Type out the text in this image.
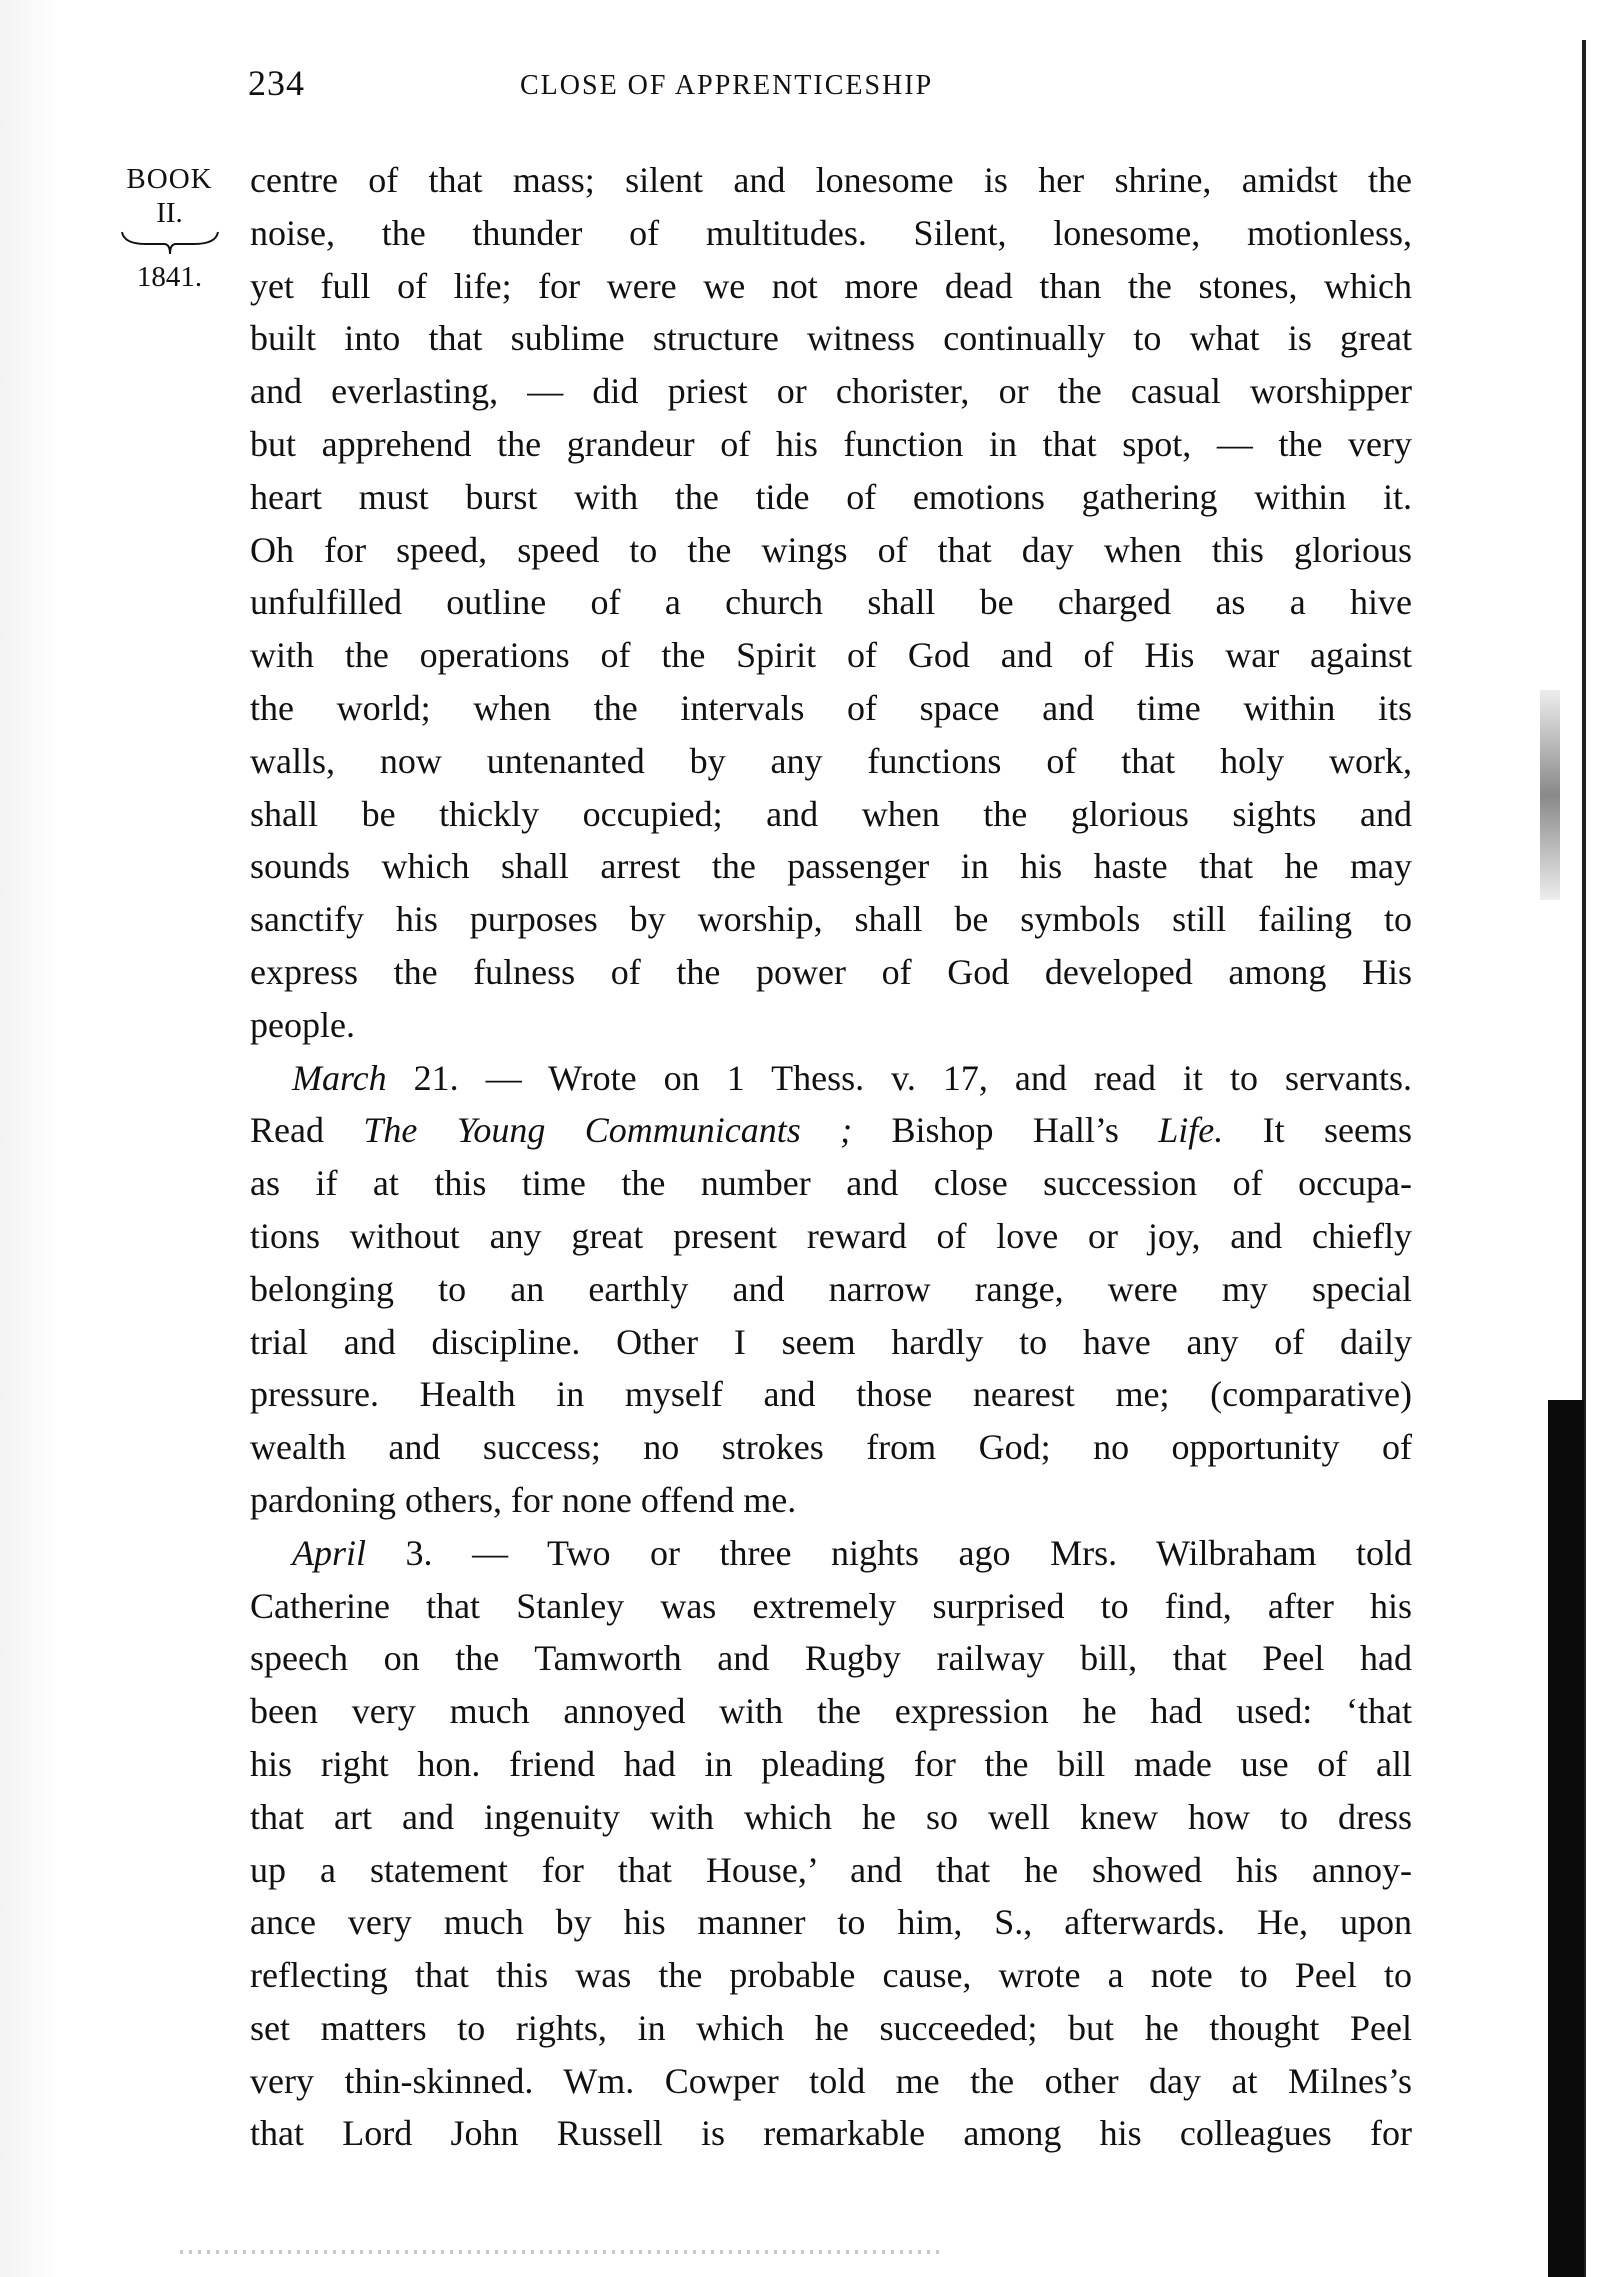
234	CLOSE OF APPRENTICESHIP
BOOK
II.
1841.
centre of that mass; silent and lonesome is her shrine, amidst the
noise, the thunder of multitudes. Silent, lonesome, motionless,
yet full of life; for were we not more dead than the stones, which
built into that sublime structure witness continually to what is great
and everlasting, — did priest or chorister, or the casual worshipper
but apprehend the grandeur of his function in that spot, — the very
heart must burst with the tide of emotions gathering within it.
Oh for speed, speed to the wings of that day when this glorious
unfulfilled outline of a church shall be charged as a hive
with the operations of the Spirit of God and of His war against
the world; when the intervals of space and time within its
walls, now untenanted by any functions of that holy work,
shall be thickly occupied; and when the glorious sights and
sounds which shall arrest the passenger in his haste that he may
sanctify his purposes by worship, shall be symbols still failing to
express the fulness of the power of God developed among His
people.
March 21. — Wrote on 1 Thess. v. 17, and read it to servants.
Read The Young Communicants ; Bishop Hall’s Life. It seems
as if at this time the number and close succession of occupa-
tions without any great present reward of love or joy, and chiefly
belonging to an earthly and narrow range, were my special
trial and discipline. Other I seem hardly to have any of daily
pressure. Health in myself and those nearest me; (comparative)
wealth and success; no strokes from God; no opportunity of
pardoning others, for none offend me.
April 3. — Two or three nights ago Mrs. Wilbraham told
Catherine that Stanley was extremely surprised to find, after his
speech on the Tamworth and Rugby railway bill, that Peel had
been very much annoyed with the expression he had used: ‘that
his right hon. friend had in pleading for the bill made use of all
that art and ingenuity with which he so well knew how to dress
up a statement for that House,’ and that he showed his annoy-
ance very much by his manner to him, S., afterwards. He, upon
reflecting that this was the probable cause, wrote a note to Peel to
set matters to rights, in which he succeeded; but he thought Peel
very thin-skinned. Wm. Cowper told me the other day at Milnes’s
that Lord John Russell is remarkable among his colleagues for
